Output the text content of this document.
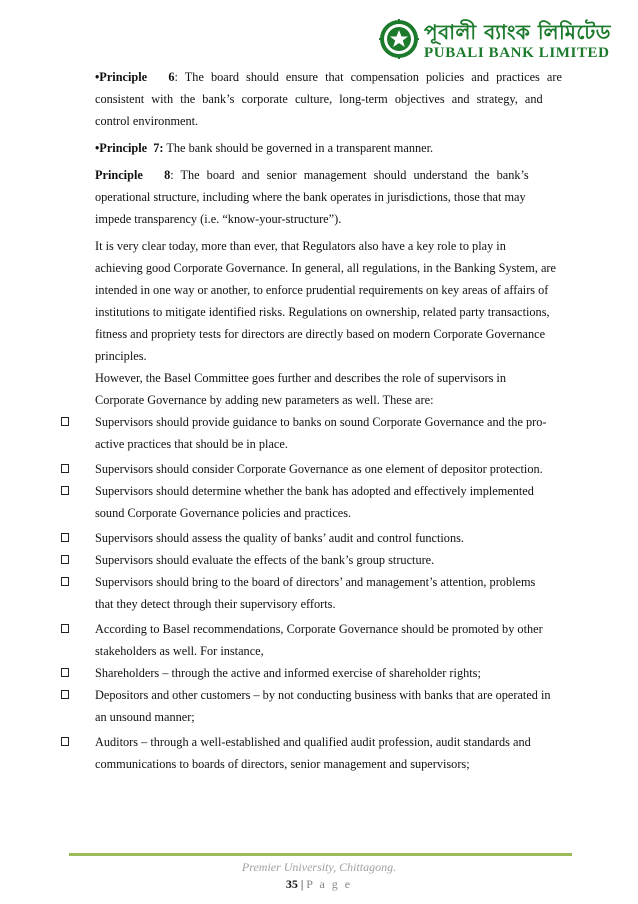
পূবালী ব্যাংক লিমিটেড
PUBALI BANK LIMITED
•Principle 6: The board should ensure that compensation policies and practices are
consistent with the bank’s corporate culture, long-term objectives and strategy, and
control environment.
•Principle 7: The bank should be governed in a transparent manner.
Principle 8: The board and senior management should understand the bank’s
operational structure, including where the bank operates in jurisdictions, those that may
impede transparency (i.e. “know-your-structure”).
It is very clear today, more than ever, that Regulators also have a key role to play in
achieving good Corporate Governance. In general, all regulations, in the Banking System, are
intended in one way or another, to enforce prudential requirements on key areas of affairs of
institutions to mitigate identified risks. Regulations on ownership, related party transactions,
fitness and propriety tests for directors are directly based on modern Corporate Governance
principles.
However, the Basel Committee goes further and describes the role of supervisors in
Corporate Governance by adding new parameters as well. These are:
Supervisors should provide guidance to banks on sound Corporate Governance and the pro-
active practices that should be in place.
Supervisors should consider Corporate Governance as one element of depositor protection.
Supervisors should determine whether the bank has adopted and effectively implemented
sound Corporate Governance policies and practices.
Supervisors should assess the quality of banks’ audit and control functions.
Supervisors should evaluate the effects of the bank’s group structure.
Supervisors should bring to the board of directors’ and management’s attention, problems
that they detect through their supervisory efforts.
According to Basel recommendations, Corporate Governance should be promoted by other
stakeholders as well. For instance,
Shareholders – through the active and informed exercise of shareholder rights;
Depositors and other customers – by not conducting business with banks that are operated in
an unsound manner;
Auditors – through a well-established and qualified audit profession, audit standards and
communications to boards of directors, senior management and supervisors;
Premier University, Chittagong.
35 | P a g e
